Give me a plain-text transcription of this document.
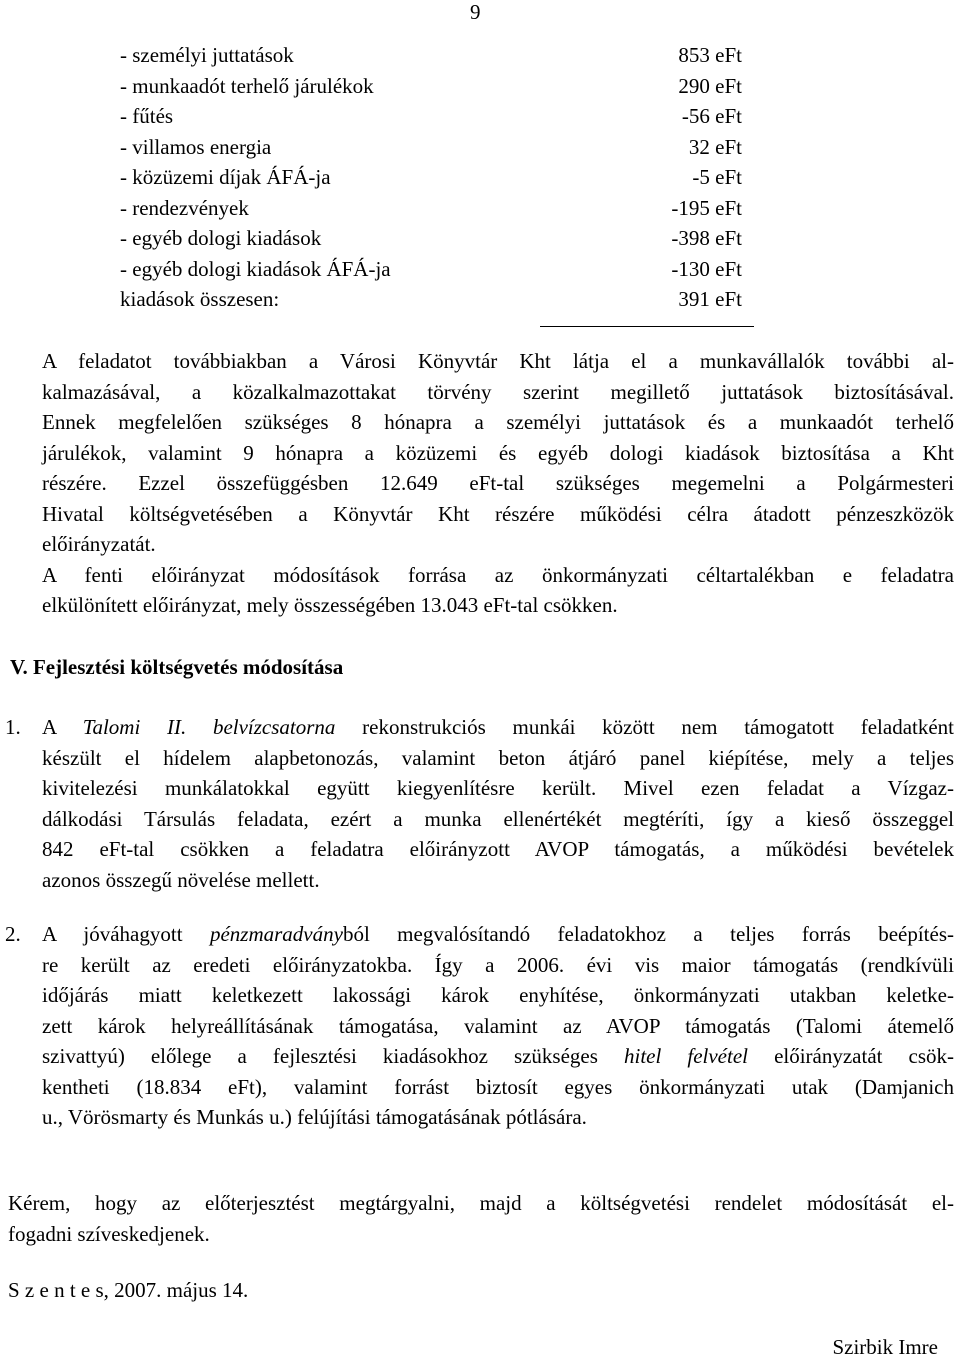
9
- személyi juttatások	853 eFt
- munkaadót terhelő járulékok	290 eFt
- fűtés	-56 eFt
- villamos energia	32 eFt
- közüzemi díjak ÁFÁ-ja	-5 eFt
- rendezvények	-195 eFt
- egyéb dologi kiadások	-398 eFt
- egyéb dologi kiadások ÁFÁ-ja	-130 eFt
kiadások összesen:	391 eFt
A feladatot továbbiakban a Városi Könyvtár Kht látja el a munkavállalók további al-
kalmazásával, a közalkalmazottakat törvény szerint megillető juttatások biztosításával.
Ennek megfelelően szükséges 8 hónapra a személyi juttatások és a munkaadót terhelő
járulékok, valamint 9 hónapra a közüzemi és egyéb dologi kiadások biztosítása a Kht
részére. Ezzel összefüggésben 12.649 eFt-tal szükséges megemelni a Polgármesteri
Hivatal költségvetésében a Könyvtár Kht részére működési célra átadott pénzeszközök
előirányzatát.
A fenti előirányzat módosítások forrása az önkormányzati céltartalékban e feladatra
elkülönített előirányzat, mely összességében 13.043 eFt-tal csökken.
V. Fejlesztési költségvetés módosítása
1. A Talomi II. belvízcsatorna rekonstrukciós munkái között nem támogatott feladatként
készült el hídelem alapbetonozás, valamint beton átjáró panel kiépítése, mely a teljes
kivitelezési munkálatokkal együtt kiegyenlítésre került. Mivel ezen feladat a Vízgaz-
dálkodási Társulás feladata, ezért a munka ellenértékét megtéríti, így a kieső összeggel
842 eFt-tal csökken a feladatra előirányzott AVOP támogatás, a működési bevételek
azonos összegű növelése mellett.
2. A jóváhagyott pénzmaradványból megvalósítandó feladatokhoz a teljes forrás beépítés-
re került az eredeti előirányzatokba. Így a 2006. évi vis maior támogatás (rendkívüli
időjárás miatt keletkezett lakossági károk enyhítése, önkormányzati utakban keletke-
zett károk helyreállításának támogatása, valamint az AVOP támogatás (Talomi átemelő
szivattyú) előlege a fejlesztési kiadásokhoz szükséges hitel felvétel előirányzatát csök-
kentheti (18.834 eFt), valamint forrást biztosít egyes önkormányzati utak (Damjanich
u., Vörösmarty és Munkás u.) felújítási támogatásának pótlására.
Kérem, hogy az előterjesztést megtárgyalni, majd a költségvetési rendelet módosítását el-
fogadni szíveskedjenek.
S z e n t e s, 2007. május 14.
Szirbik Imre
